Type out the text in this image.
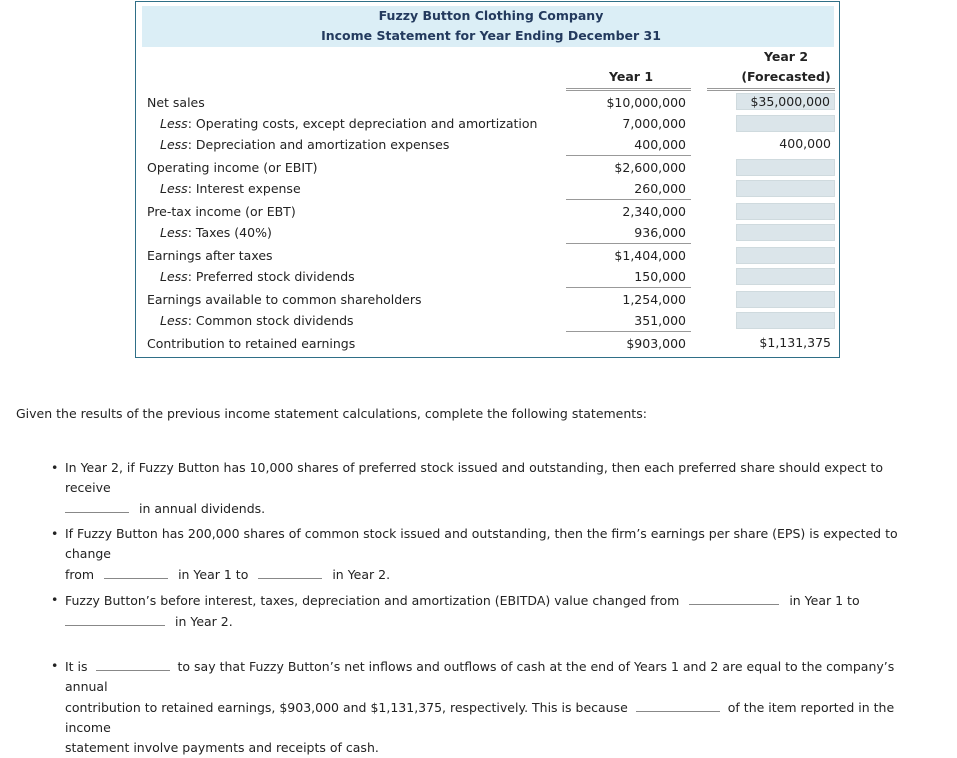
Fuzzy Button Clothing Company
Income Statement for Year Ending December 31
Year 1
Year 2
(Forecasted)
Net sales	$10,000,000	$35,000,000
Less: Operating costs, except depreciation and amortization	7,000,000
Less: Depreciation and amortization expenses	400,000	400,000
Operating income (or EBIT)	$2,600,000
Less: Interest expense	260,000
Pre-tax income (or EBT)	2,340,000
Less: Taxes (40%)	936,000
Earnings after taxes	$1,404,000
Less: Preferred stock dividends	150,000
Earnings available to common shareholders	1,254,000
Less: Common stock dividends	351,000
Contribution to retained earnings	$903,000	$1,131,375
Given the results of the previous income statement calculations, complete the following statements:
• In Year 2, if Fuzzy Button has 10,000 shares of preferred stock issued and outstanding, then each preferred share should expect to receive
in annual dividends.
• If Fuzzy Button has 200,000 shares of common stock issued and outstanding, then the firm’s earnings per share (EPS) is expected to change
from	in Year 1 to	in Year 2.
• Fuzzy Button’s before interest, taxes, depreciation and amortization (EBITDA) value changed from	in Year 1 to
in Year 2.
• It is	to say that Fuzzy Button’s net inflows and outflows of cash at the end of Years 1 and 2 are equal to the company’s annual
contribution to retained earnings, $903,000 and $1,131,375, respectively. This is because	of the item reported in the income
statement involve payments and receipts of cash.
